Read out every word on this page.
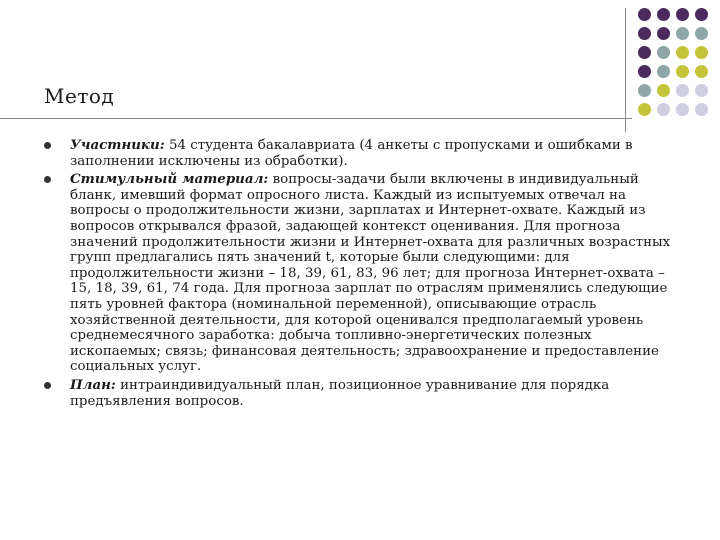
Метод
Участники: 54 студента бакалавриата (4 анкеты с пропусками и ошибками в заполнении исключены из обработки).
Стимульный материал: вопросы-задачи были включены в индивидуальный бланк, имевший формат опросного листа. Каждый из испытуемых отвечал на вопросы о продолжительности жизни, зарплатах и Интернет-охвате. Каждый из вопросов открывался фразой, задающей контекст оценивания. Для прогноза значений продолжительности жизни и Интернет-охвата для различных возрастных групп предлагались пять значений t, которые были следующими: для продолжительности жизни – 18, 39, 61, 83, 96 лет; для прогноза Интернет-охвата – 15, 18, 39, 61, 74 года. Для прогноза зарплат по отраслям применялись следующие пять уровней фактора (номинальной переменной), описывающие отрасль хозяйственной деятельности, для которой оценивался предполагаемый уровень среднемесячного заработка: добыча топливно-энергетических полезных ископаемых; связь; финансовая деятельность; здравоохранение и предоставление социальных услуг.
План: интраиндивидуальный план, позиционное уравнивание для порядка предъявления вопросов.
